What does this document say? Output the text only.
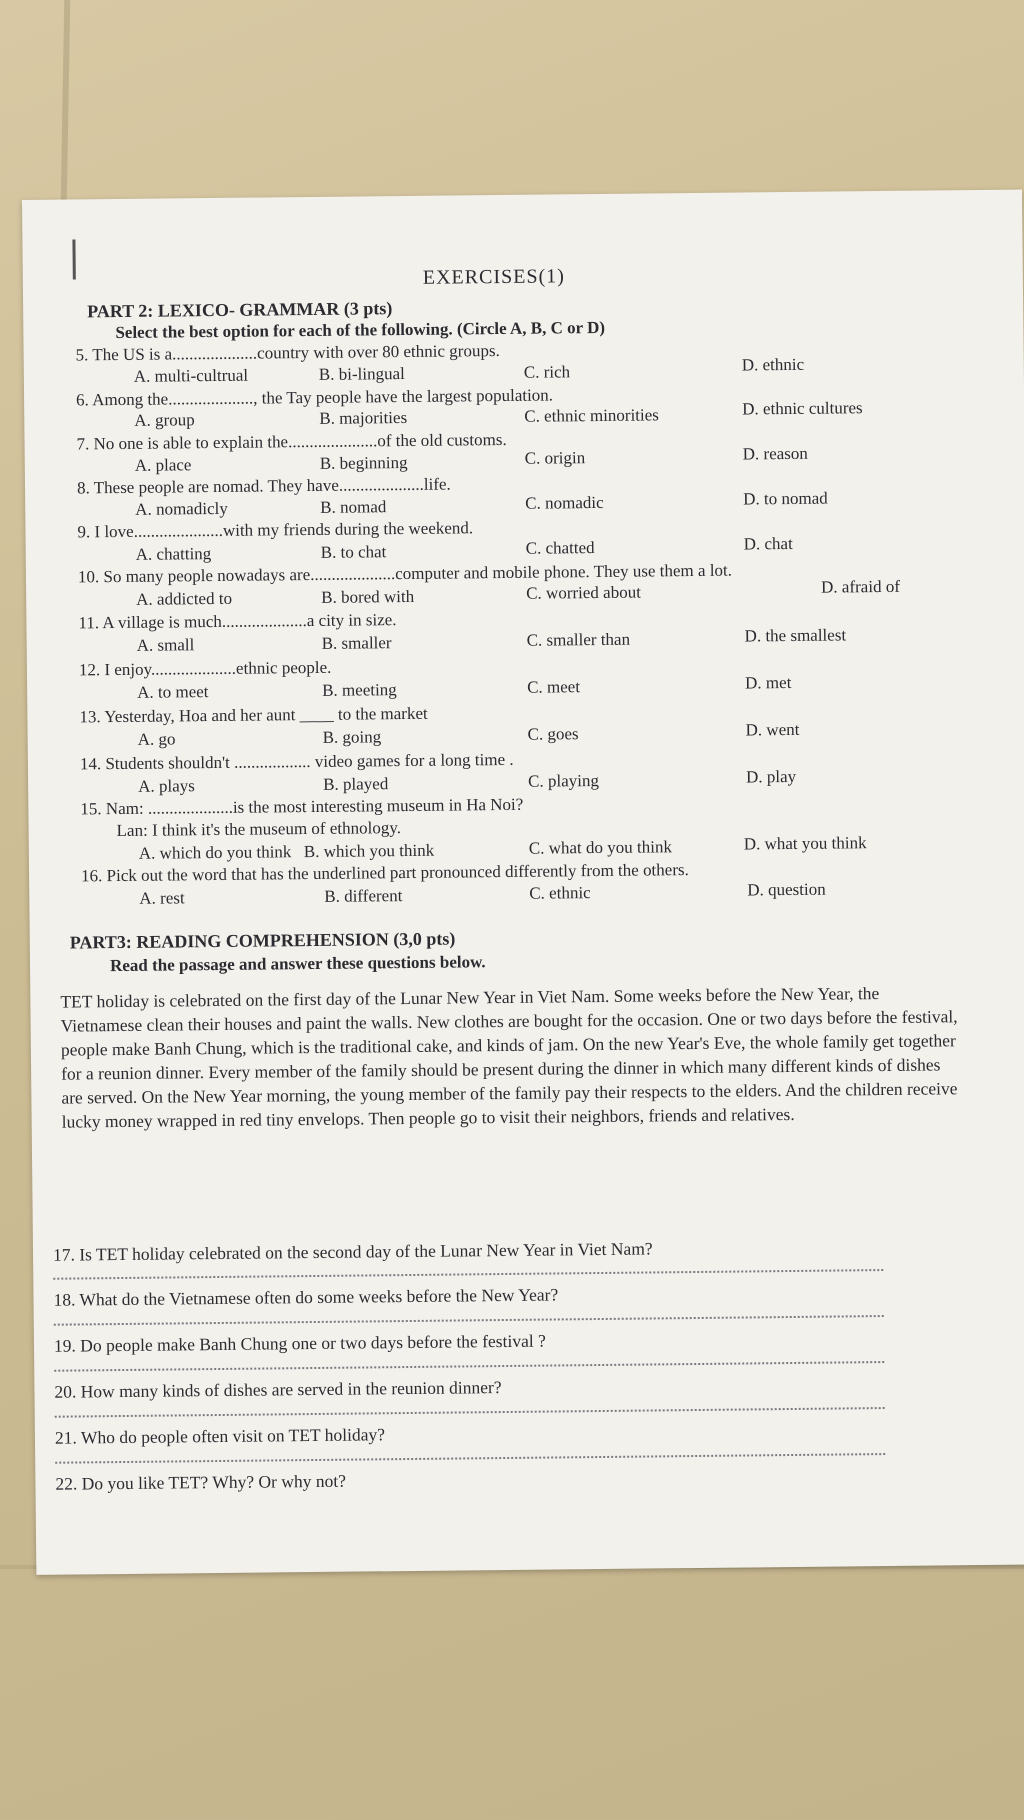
EXERCISES(1)
PART 2: LEXICO- GRAMMAR (3 pts)
Select the best option for each of the following. (Circle A, B, C or D)
5. The US is a....................country with over 80 ethnic groups.
A. multi-cultrual	B. bi-lingual	C. rich	D. ethnic
6. Among the...................., the Tay people have the largest population.
A. group	B. majorities	C. ethnic minorities	D. ethnic cultures
7. No one is able to explain the.....................of the old customs.
A. place	B. beginning	C. origin	D. reason
8. These people are nomad. They have....................life.
A. nomadicly	B. nomad	C. nomadic	D. to nomad
9. I love.....................with my friends during the weekend.
A. chatting	B. to chat	C. chatted	D. chat
10. So many people nowadays are....................computer and mobile phone. They use them a lot.
A. addicted to	B. bored with	C. worried about	D. afraid of
11. A village is much....................a city in size.
A. small	B. smaller	C. smaller than	D. the smallest
12. I enjoy....................ethnic people.
A. to meet	B. meeting	C. meet	D. met
13. Yesterday, Hoa and her aunt ____ to the market
A. go	B. going	C. goes	D. went
14. Students shouldn't .................. video games for a long time .
A. plays	B. played	C. playing	D. play
15. Nam: ....................is the most interesting museum in Ha Noi?
Lan: I think it's the museum of ethnology.
A. which do you think B. which you think	C. what do you think	D. what you think
16. Pick out the word that has the underlined part pronounced differently from the others.
A. rest	B. different	C. ethnic	D. question
PART3: READING COMPREHENSION (3,0 pts)
Read the passage and answer these questions below.
TET holiday is celebrated on the first day of the Lunar New Year in Viet Nam. Some weeks before the New Year, the Vietnamese clean their houses and paint the walls. New clothes are bought for the occasion. One or two days before the festival, people make Banh Chung, which is the traditional cake, and kinds of jam. On the new Year's Eve, the whole family get together for a reunion dinner. Every member of the family should be present during the dinner in which many different kinds of dishes are served. On the New Year morning, the young member of the family pay their respects to the elders. And the children receive lucky money wrapped in red tiny envelops. Then people go to visit their neighbors, friends and relatives.
17. Is TET holiday celebrated on the second day of the Lunar New Year in Viet Nam?
18. What do the Vietnamese often do some weeks before the New Year?
19. Do people make Banh Chung one or two days before the festival ?
20. How many kinds of dishes are served in the reunion dinner?
21. Who do people often visit on TET holiday?
22. Do you like TET? Why? Or why not?
